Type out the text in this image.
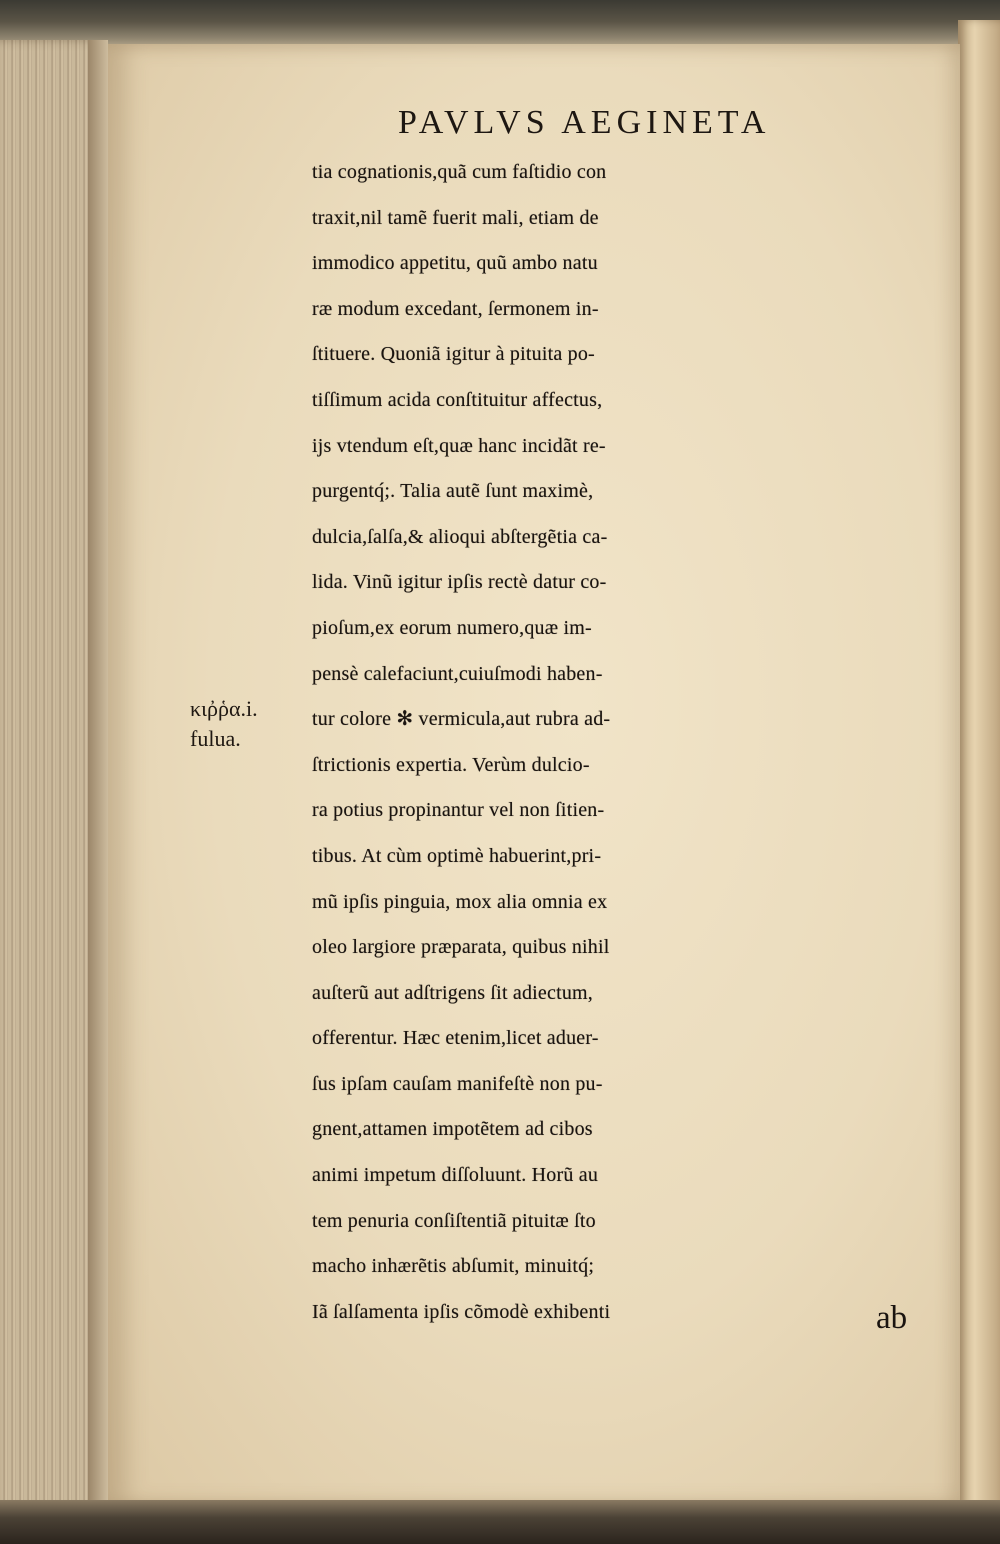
PAVLVS AEGINETA
κιῤῥα.i.
fulua.
tia cognationis,quã cum faſtidio con
traxit,nil tamẽ fuerit mali, etiam de
immodico appetitu, quũ ambo natu
ræ modum excedant, ſermonem in-
ſtituere. Quoniã igitur à pituita po-
tiſſimum acida conſtituitur affectus,
ijs vtendum eſt,quæ hanc incidãt re-
purgentq́;. Talia autẽ ſunt maximè,
dulcia,ſalſa,& alioqui abſtergẽtia ca-
lida. Vinũ igitur ipſis rectè datur co-
pioſum,ex eorum numero,quæ im-
pensè calefaciunt,cuiuſmodi haben-
tur colore ✻ vermicula,aut rubra ad-
ſtrictionis expertia. Verùm dulcio-
ra potius propinantur vel non ſitien-
tibus. At cùm optimè habuerint,pri-
mũ ipſis pinguia, mox alia omnia ex
oleo largiore præparata, quibus nihil
auſterũ aut adſtrigens ſit adiectum,
offerentur. Hæc etenim,licet aduer-
ſus ipſam cauſam manifeſtè non pu-
gnent,attamen impotẽtem ad cibos
animi impetum diſſoluunt. Horũ au
tem penuria conſiſtentiã pituitæ ſto
macho inhærẽtis abſumit, minuitq́;
Iã ſalſamenta ipſis cõmodè exhibenti	ab
